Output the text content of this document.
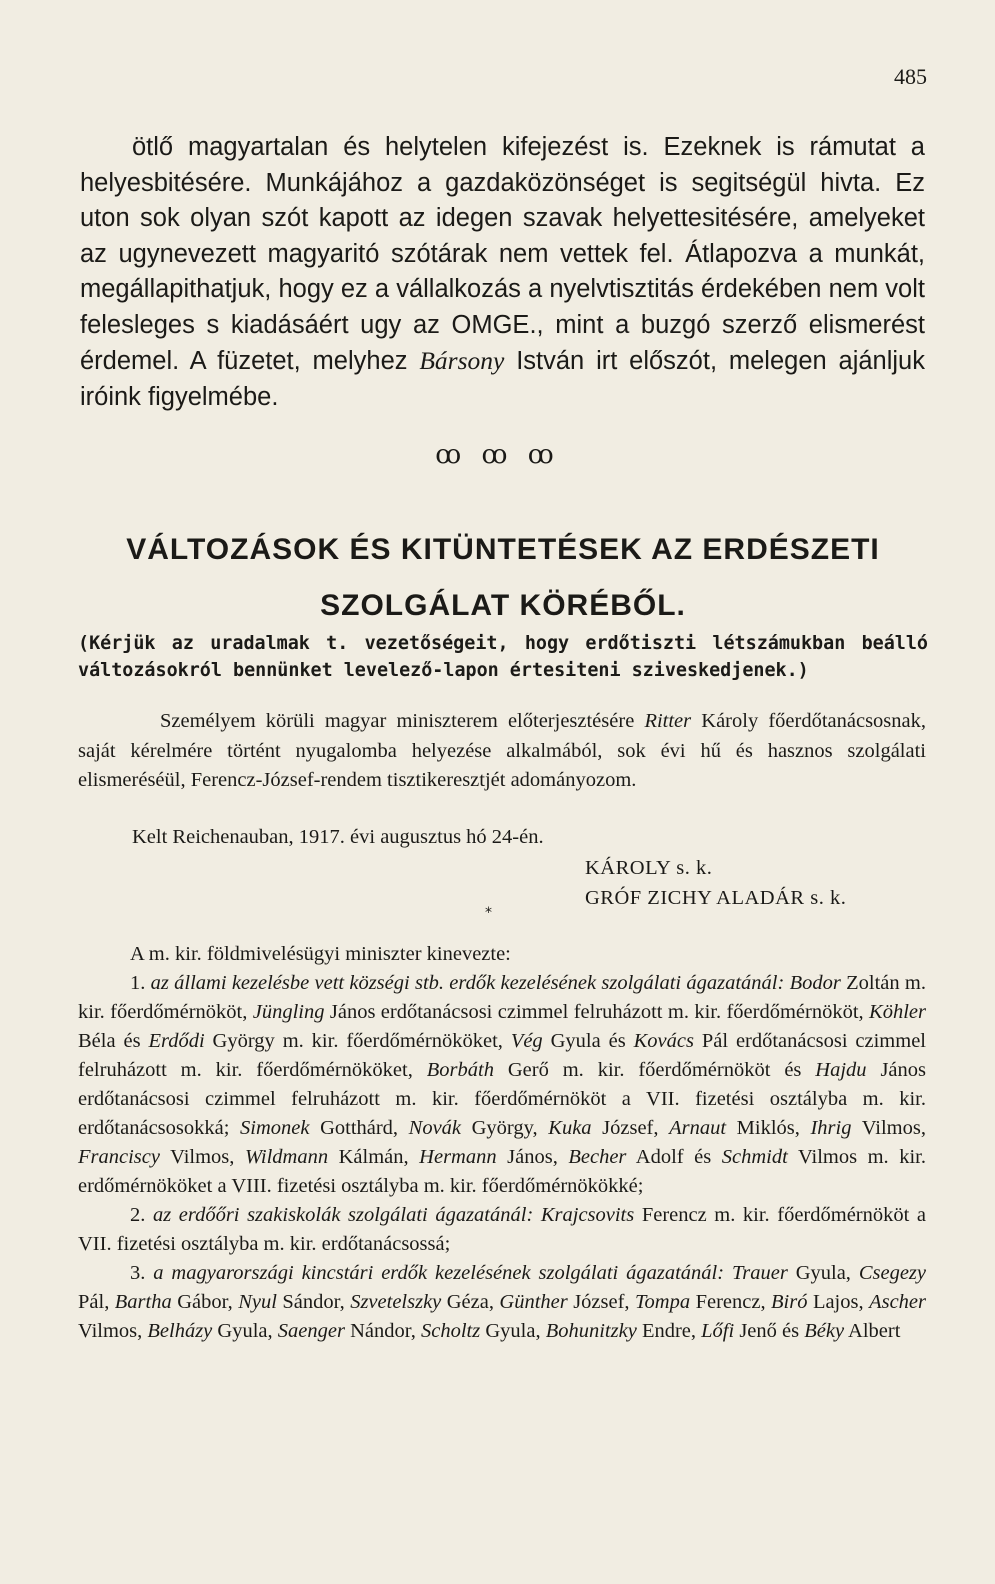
485
ötlő magyartalan és helytelen kifejezést is. Ezeknek is rámutat a helyesbitésére. Munkájához a gazdaközönséget is segitségül hivta. Ez uton sok olyan szót kapott az idegen szavak helyettesitésére, amelyeket az ugynevezett magyaritó szótárak nem vettek fel. Átlapozva a munkát, megállapithatjuk, hogy ez a vállalkozás a nyelvtisztitás érdekében nem volt felesleges s kiadásáért ugy az OMGE., mint a buzgó szerző elismerést érdemel. A füzetet, melyhez Bársony István irt előszót, melegen ajánljuk iróink figyelmébe.
ꝏ ꝏ ꝏ
VÁLTOZÁSOK ÉS KITÜNTETÉSEK AZ ERDÉSZETI
SZOLGÁLAT KÖRÉBŐL.
(Kérjük az uradalmak t. vezetőségeit, hogy erdőtiszti létszámukban beálló változásokról bennünket levelező-lapon értesiteni sziveskedjenek.)
Személyem körüli magyar miniszterem előterjesztésére Ritter Károly főerdőtanácsosnak, saját kérelmére történt nyugalomba helyezése alkalmából, sok évi hű és hasznos szolgálati elismeréséül, Ferencz-József-rendem tisztikeresztjét adományozom.
Kelt Reichenauban, 1917. évi augusztus hó 24-én.
KÁROLY s. k.
GRÓF ZICHY ALADÁR s. k.
*

A m. kir. földmivelésügyi miniszter kinevezte:

1. az állami kezelésbe vett községi stb. erdők kezelésének szolgálati ágazatánál: Bodor Zoltán m. kir. főerdőmérnököt, Jüngling János erdőtanácsosi czimmel felruházott m. kir. főerdőmérnököt, Köhler Béla és Erdődi György m. kir. főerdőmérnököket, Vég Gyula és Kovács Pál erdőtanácsosi czimmel felruházott m. kir. főerdőmérnököket, Borbáth Gerő m. kir. főerdőmérnököt és Hajdu János erdőtanácsosi czimmel felruházott m. kir. főerdőmérnököt a VII. fizetési osztályba m. kir. erdőtanácsosokká; Simonek Gotthárd, Novák György, Kuka József, Arnaut Miklós, Ihrig Vilmos, Franciscy Vilmos, Wildmann Kálmán, Hermann János, Becher Adolf és Schmidt Vilmos m. kir. erdőmérnököket a VIII. fizetési osztályba m. kir. főerdőmérnökökké;

2. az erdőőri szakiskolák szolgálati ágazatánál: Krajcsovits Ferencz m. kir. főerdőmérnököt a VII. fizetési osztályba m. kir. erdőtanácsossá;

3. a magyarországi kincstári erdők kezelésének szolgálati ágazatánál: Trauer Gyula, Csegezy Pál, Bartha Gábor, Nyul Sándor, Szvetelszky Géza, Günther József, Tompa Ferencz, Biró Lajos, Ascher Vilmos, Belházy Gyula, Saenger Nándor, Scholtz Gyula, Bohunitzky Endre, Lőfi Jenő és Béky Albert
